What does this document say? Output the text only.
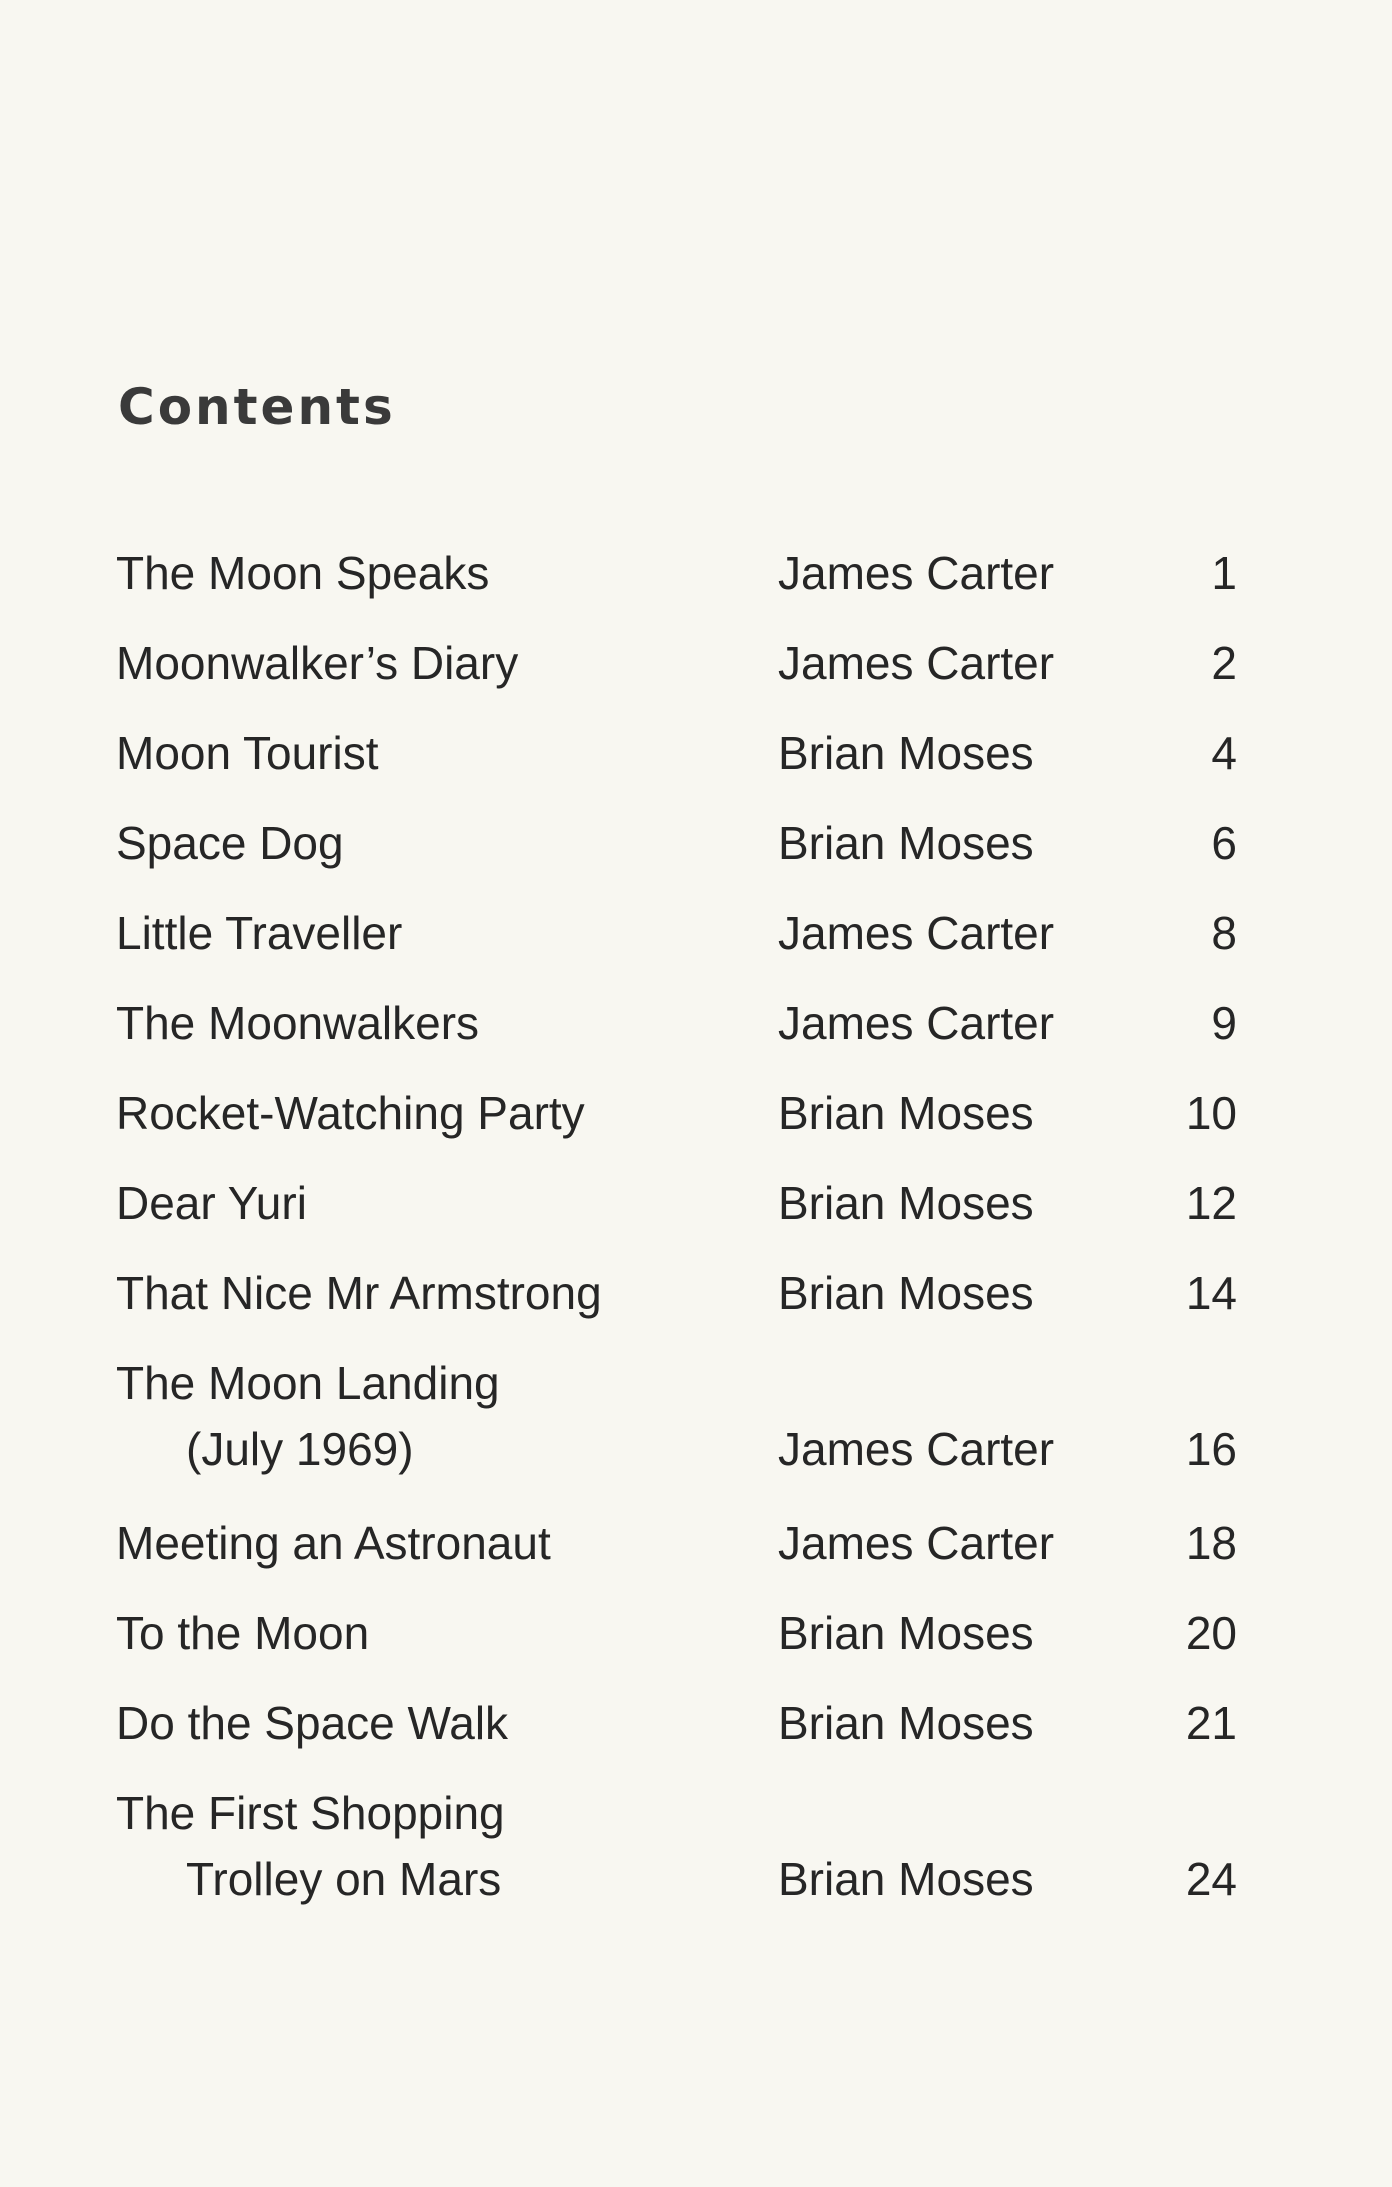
Contents
The Moon Speaks	James Carter	1
Moonwalker’s Diary	James Carter	2
Moon Tourist	Brian Moses	4
Space Dog	Brian Moses	6
Little Traveller	James Carter	8
The Moonwalkers	James Carter	9
Rocket-Watching Party	Brian Moses	10
Dear Yuri	Brian Moses	12
That Nice Mr Armstrong	Brian Moses	14
The Moon Landing
(July 1969)	James Carter	16
Meeting an Astronaut	James Carter	18
To the Moon	Brian Moses	20
Do the Space Walk	Brian Moses	21
The First Shopping
Trolley on Mars	Brian Moses	24
